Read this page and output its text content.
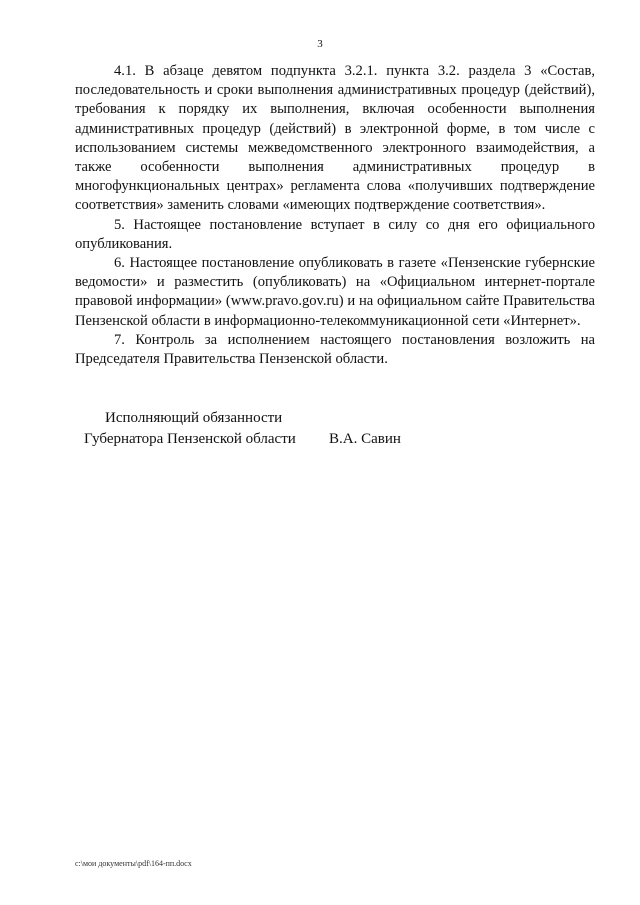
3

4.1. В абзаце девятом подпункта 3.2.1. пункта 3.2. раздела 3 «Состав, последовательность и сроки выполнения административных процедур (действий), требования к порядку их выполнения, включая особенности выполнения административных процедур (действий) в электронной форме, в том числе с использованием системы межведомственного электронного взаимодействия, а также особенности выполнения административных процедур в многофункциональных центрах» регламента слова «получивших подтверждение соответствия» заменить словами «имеющих подтверждение соответствия».

5. Настоящее постановление вступает в силу со дня его официального опубликования.

6. Настоящее постановление опубликовать в газете «Пензенские губернские ведомости» и разместить (опубликовать) на «Официальном интернет-портале правовой информации» (www.pravo.gov.ru) и на официальном сайте Правительства Пензенской области в информационно-телекоммуникационной сети «Интернет».

7. Контроль за исполнением настоящего постановления возложить на Председателя Правительства Пензенской области.

Исполняющий обязанности
Губернатора Пензенской области В.А. Савин
c:\мои документы\pdf\164-пп.docx
